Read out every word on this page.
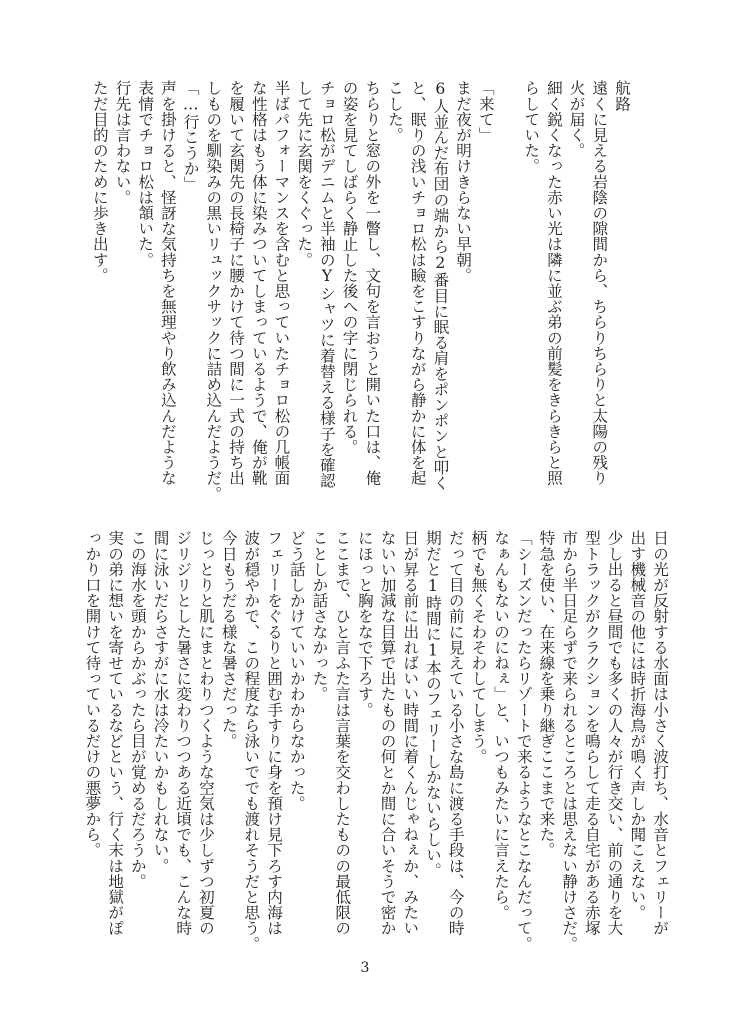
航路
遠くに見える岩陰の隙間から、ちらりちらりと太陽の残り
火が届く。
細く鋭くなった赤い光は隣に並ぶ弟の前髪をきらきらと照
らしていた。
「来て」
まだ夜が明けきらない早朝。
6人並んだ布団の端から2番目に眠る肩をポンポンと叩く
と、眠りの浅いチョロ松は瞼をこすりながら静かに体を起
こした。
ちらりと窓の外を一瞥し、文句を言おうと開いた口は、俺
の姿を見てしばらく静止した後への字に閉じられる。
チョロ松がデニムと半袖のYシャツに着替える様子を確認
して先に玄関をくぐった。
半ばパフォーマンスを含むと思っていたチョロ松の几帳面
な性格はもう体に染みついてしまっているようで、俺が靴
を履いて玄関先の長椅子に腰かけて待つ間に一式の持ち出
しものを馴染みの黒いリュックサックに詰め込んだようだ。
「…行こうか」
声を掛けると、怪訝な気持ちを無理やり飲み込んだような
表情でチョロ松は頷いた。
行先は言わない。
ただ目的のために歩き出す。
日の光が反射する水面は小さく波打ち、水音とフェリーが
出す機械音の他には時折海鳥が鳴く声しか聞こえない。
少し出ると昼間でも多くの人々が行き交い、前の通りを大
型トラックがクラクションを鳴らして走る自宅がある赤塚
市から半日足らずで来られるところとは思えない静けさだ。
特急を使い、在来線を乗り継ぎここまで来た。
「シーズンだったらリゾートで来るようなとこなんだって。
なぁんもないのにねぇ」と、いつもみたいに言えたら。
柄でも無くそわそわしてしまう。
だって目の前に見えている小さな島に渡る手段は、今の時
期だと1時間に1本のフェリーしかないらしい。
日が昇る前に出ればいい時間に着くんじゃねぇか、みたい
ないい加減な目算で出たものの何とか間に合いそうで密か
にほっと胸をなで下ろす。
ここまで、ひと言ふた言は言葉を交わしたものの最低限の
ことしか話さなかった。
どう話しかけていいかわからなかった。
フェリーをぐるりと囲む手すりに身を預け見下ろす内海は
波が穏やかで、この程度なら泳いででも渡れそうだと思う。
今日もうだる様な暑さだった。
じっとりと肌にまとわりつくような空気は少しずつ初夏の
ジリジリとした暑さに変わりつつある近頃でも、こんな時
間に泳いだらさすがに水は冷たいかもしれない。
この海水を頭からかぶったら目が覚めるだろうか。
実の弟に想いを寄せているなどという、行く末は地獄がぽ
っかり口を開けて待っているだけの悪夢から。
3
